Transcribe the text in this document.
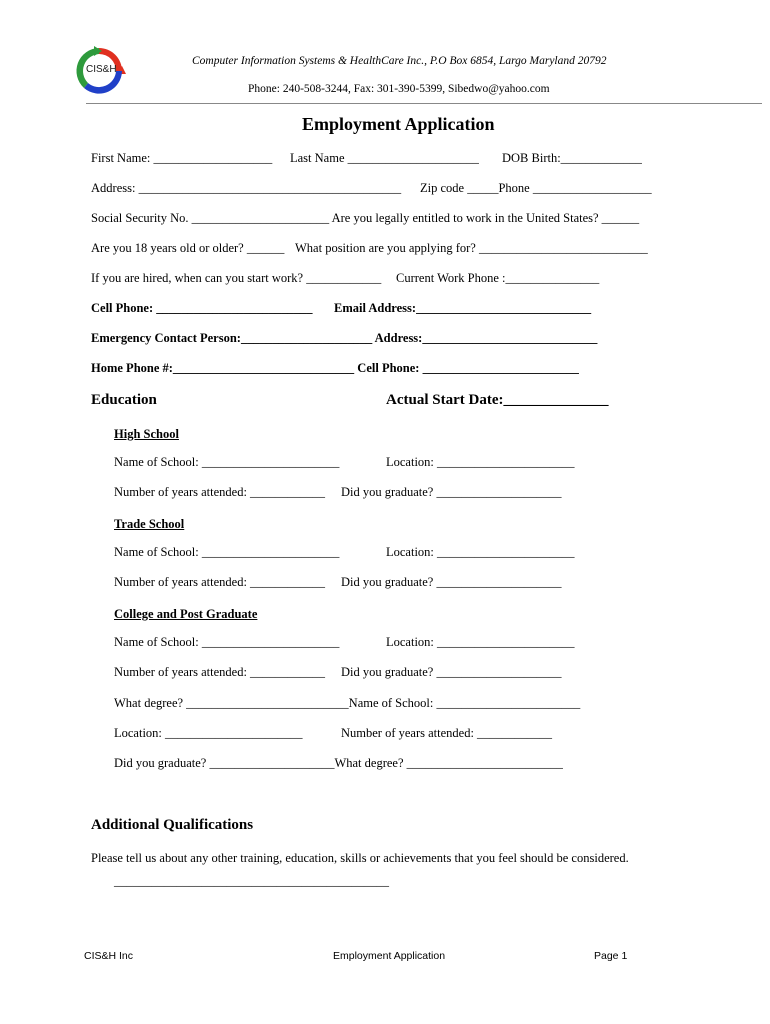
CIS&H
Computer Information Systems & HealthCare Inc., P.O Box 6854, Largo Maryland 20792
Phone: 240-508-3244, Fax: 301-390-5399, Sibedwo@yahoo.com
Employment Application
First Name: ___________________ Last Name _____________________ DOB Birth:_____________
Address: __________________________________________ Zip code _____Phone ___________________
Social Security No. ______________________ Are you legally entitled to work in the United States? ______
Are you 18 years old or older? ______ What position are you applying for? ___________________________
If you are hired, when can you start work? ____________ Current Work Phone :_______________
Cell Phone: _________________________ Email Address:____________________________
Emergency Contact Person:_____________________ Address:____________________________
Home Phone #:_____________________________ Cell Phone: _________________________
Education	Actual Start Date:______________
High School
Name of School: ______________________	Location: ______________________
Number of years attended: ____________ Did you graduate? ____________________
Trade School
Name of School: ______________________	Location: ______________________
Number of years attended: ____________ Did you graduate? ____________________
College and Post Graduate
Name of School: ______________________	Location: ______________________
Number of years attended: ____________ Did you graduate? ____________________
What degree? __________________________Name of School: _______________________
Location: ______________________	Number of years attended: ____________
Did you graduate? ____________________What degree? _________________________
Additional Qualifications
Please tell us about any other training, education, skills or achievements that you feel should be considered.
____________________________________________
CIS&H Inc	Employment Application	Page 1
